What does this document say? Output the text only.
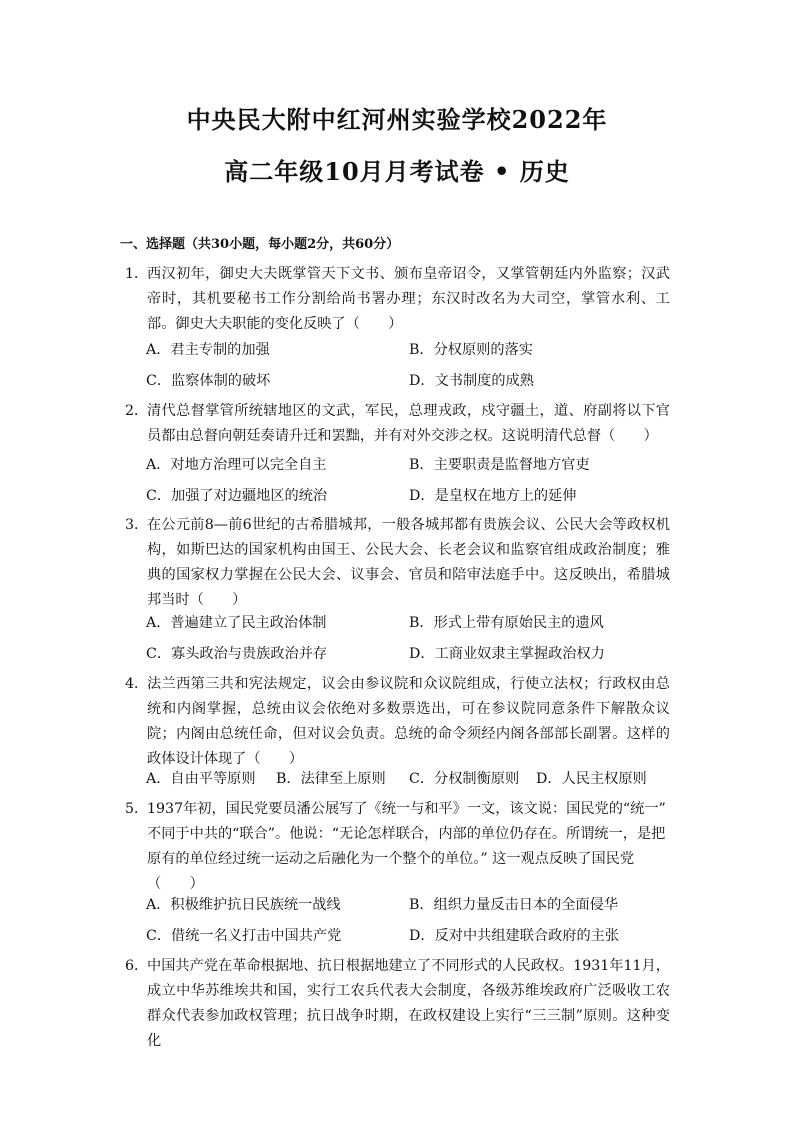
中央民大附中红河州实验学校2022年
高二年级10月月考试卷 • 历史
一、选择题（共30小题，每小题2分，共60分）
1．
西汉初年，御史大夫既掌管天下文书、颁布皇帝诏令，又掌管朝廷内外监察；汉武帝时，其机要秘书工作分割给尚书署办理；东汉时改名为大司空，掌管水利、工部。御史大夫职能的变化反映了（　　）
A．君主专制的加强	B．分权原则的落实
C．监察体制的破坏	D．文书制度的成熟
2．
清代总督掌管所统辖地区的文武，军民，总理戎政，戍守疆土，道、府副将以下官员都由总督向朝廷奏请升迁和罢黜，并有对外交涉之权。这说明清代总督（　　）
A．对地方治理可以完全自主	B．主要职责是监督地方官吏
C．加强了对边疆地区的统治	D．是皇权在地方上的延伸
3．
在公元前8—前6世纪的古希腊城邦，一般各城邦都有贵族会议、公民大会等政权机构，如斯巴达的国家机构由国王、公民大会、长老会议和监察官组成政治制度；雅典的国家权力掌握在公民大会、议事会、官员和陪审法庭手中。这反映出，希腊城邦当时（　　）
A．普遍建立了民主政治体制	B．形式上带有原始民主的遗风
C．寡头政治与贵族政治并存	D．工商业奴隶主掌握政治权力
4．
法兰西第三共和宪法规定，议会由参议院和众议院组成，行使立法权；行政权由总统和内阁掌握，总统由议会依绝对多数票选出，可在参议院同意条件下解散众议院；内阁由总统任命，但对议会负责。总统的命令须经内阁各部部长副署。这样的政体设计体现了（　　）
A．自由平等原则 B．法律至上原则 C．分权制衡原则 D．人民主权原则
5．
1937年初，国民党要员潘公展写了《统一与和平》一文，该文说：国民党的“统一”
不同于中共的“联合”。他说：“无论怎样联合，内部的单位仍存在。所谓统一，是把
原有的单位经过统一运动之后融化为一个整个的单位。” 这一观点反映了国民党
（　　）
A．积极维护抗日民族统一战线	B．组织力量反击日本的全面侵华
C．借统一名义打击中国共产党	D．反对中共组建联合政府的主张
6．
中国共产党在革命根据地、抗日根据地建立了不同形式的人民政权。1931年11月，成立中华苏维埃共和国，实行工农兵代表大会制度，各级苏维埃政府广泛吸收工农群众代表参加政权管理；抗日战争时期，在政权建设上实行“三三制”原则。这种变化
